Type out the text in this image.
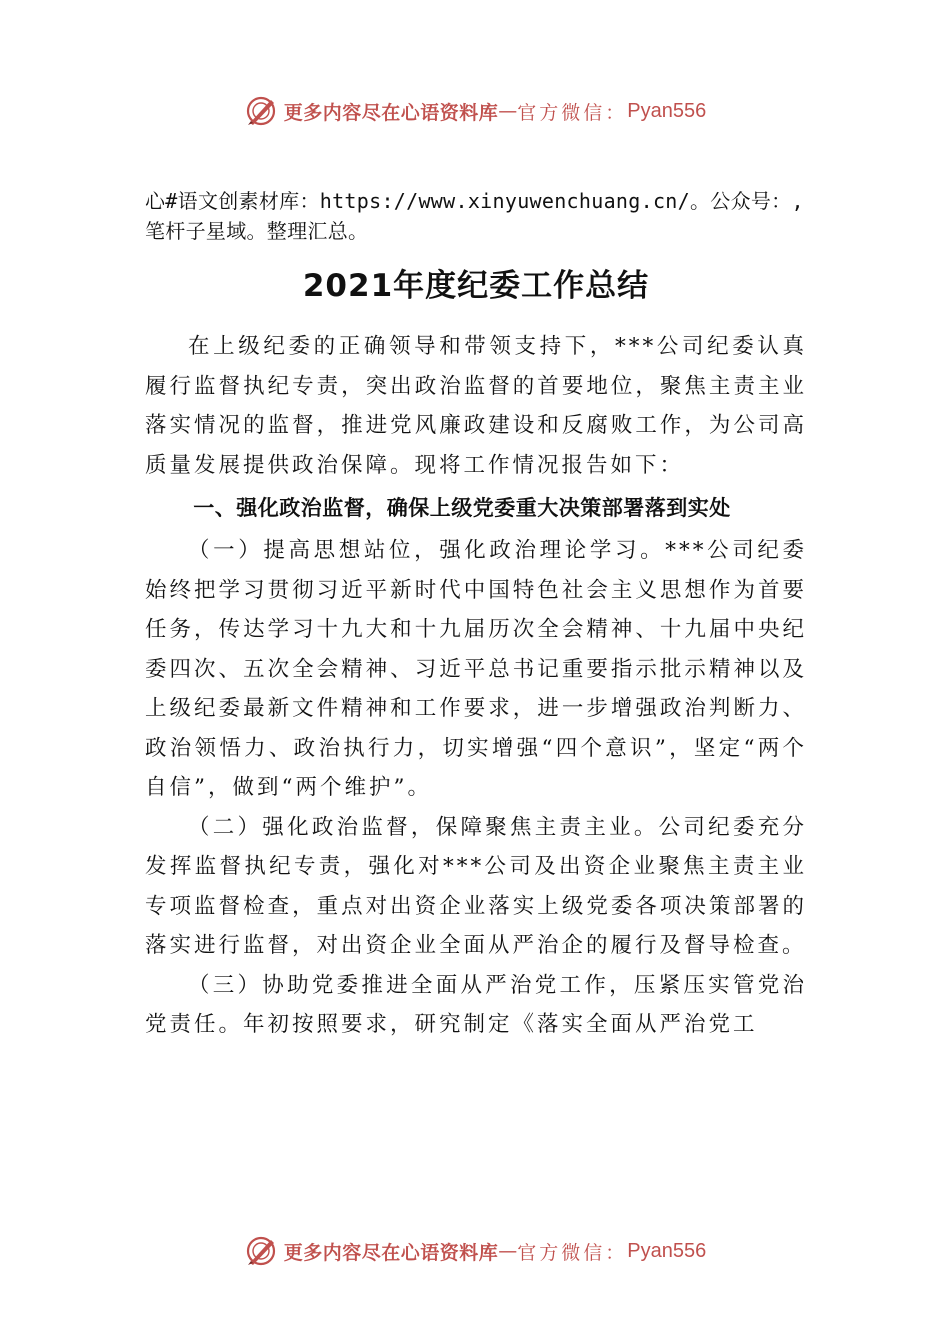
更多内容尽在心语资料库 — 官方微信： Pyan556

心#语文创素材库：https://www.xinyuwenchuang.cn/。公众号：,笔杆子星域。整理汇总。

2021年度纪委工作总结

在上级纪委的正确领导和带领支持下，***公司纪委认真履行监督执纪专责，突出政治监督的首要地位，聚焦主责主业落实情况的监督，推进党风廉政建设和反腐败工作，为公司高质量发展提供政治保障。现将工作情况报告如下：

一、强化政治监督，确保上级党委重大决策部署落到实处

（一）提高思想站位，强化政治理论学习。***公司纪委始终把学习贯彻习近平新时代中国特色社会主义思想作为首要任务，传达学习十九大和十九届历次全会精神、十九届中央纪委四次、五次全会精神、习近平总书记重要指示批示精神以及上级纪委最新文件精神和工作要求，进一步增强政治判断力、政治领悟力、政治执行力，切实增强“四个意识”，坚定“两个自信”，做到“两个维护”。

（二）强化政治监督，保障聚焦主责主业。公司纪委充分发挥监督执纪专责，强化对***公司及出资企业聚焦主责主业专项监督检查，重点对出资企业落实上级党委各项决策部署的落实进行监督，对出资企业全面从严治企的履行及督导检查。

（三）协助党委推进全面从严治党工作，压紧压实管党治党责任。年初按照要求，研究制定《落实全面从严治党工

更多内容尽在心语资料库 — 官方微信： Pyan556
